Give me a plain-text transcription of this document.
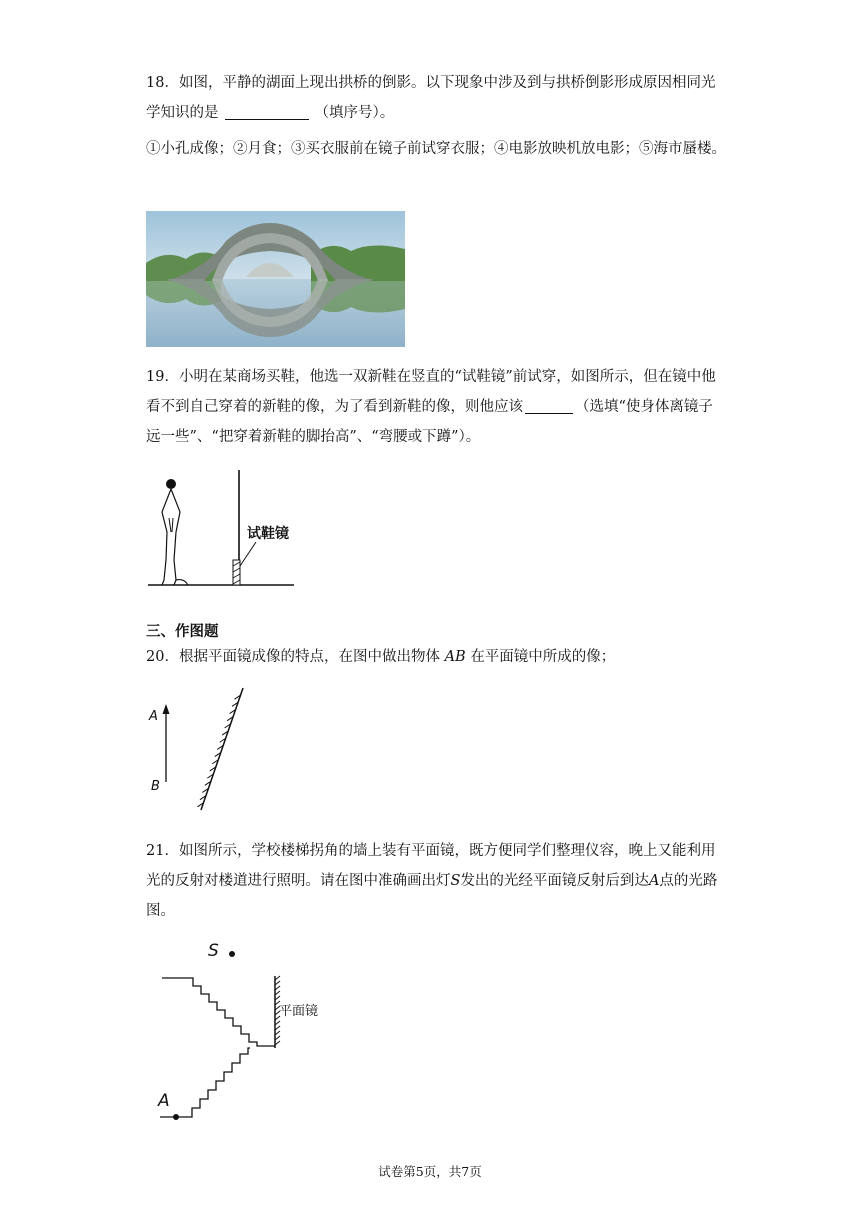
18．如图，平静的湖面上现出拱桥的倒影。以下现象中涉及到与拱桥倒影形成原因相同光学知识的是	（填序号）。
①小孔成像；②月食；③买衣服前在镜子前试穿衣服；④电影放映机放电影；⑤海市蜃楼。
19．小明在某商场买鞋，他选一双新鞋在竖直的“试鞋镜”前试穿，如图所示，但在镜中他看不到自己穿着的新鞋的像，为了看到新鞋的像，则他应该	（选填“使身体离镜子远一些”、“把穿着新鞋的脚抬高”、“弯腰或下蹲”）。
试鞋镜
三、作图题
20．根据平面镜成像的特点，在图中做出物体 AB 在平面镜中所成的像；
A
B
21．如图所示，学校楼梯拐角的墙上装有平面镜，既方便同学们整理仪容，晚上又能利用光的反射对楼道进行照明。请在图中准确画出灯S发出的光经平面镜反射后到达A点的光路图。
S
A
平面镜
试卷第5页，共7页
